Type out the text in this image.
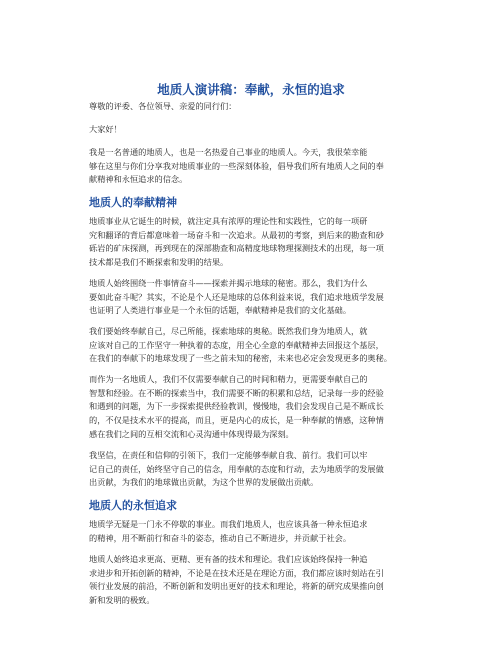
地质人演讲稿：奉献，永恒的追求
尊敬的评委、各位领导、亲爱的同行们：
大家好！
我是一名普通的地质人，也是一名热爱自己事业的地质人。今天，我很荣幸能
够在这里与你们分享我对地质事业的一些深刻体验，倡导我们所有地质人之间的奉
献精神和永恒追求的信念。
地质人的奉献精神
地质事业从它诞生的时候，就注定具有浓厚的理论性和实践性，它的每一项研
究和翻译的背后都意味着一场奋斗和一次追求。从最初的考察，到后来的勘查和砂
砾岩的矿床探测，再到现在的深部勘查和高精度地球物理探测技术的出现，每一项
技术都是我们不断探索和发明的结果。
地质人始终围绕一件事情奋斗——探索并揭示地球的秘密。那么，我们为什么
要如此奋斗呢？其实，不论是个人还是地球的总体利益来说，我们追求地质学发展
也证明了人类进行事业是一个永恒的话题，奉献精神是我们的文化基础。
我们要始终奉献自己，尽己所能，探索地球的奥秘。既然我们身为地质人，就
应该对自己的工作坚守一种执着的态度，用全心全意的奉献精神去回报这个基层，
在我们的奉献下的地球发现了一些之前未知的秘密，未来也必定会发现更多的奥秘。
而作为一名地质人，我们不仅需要奉献自己的时间和精力，更需要奉献自己的
智慧和经验。在不断的探索当中，我们需要不断的积累和总结，记录每一步的经验
和遇到的问题，为下一步探索提供经验教训，慢慢地，我们会发现自己是不断成长
的，不仅是技术水平的提高，而且，更是内心的成长，是一种奉献的情感，这种情
感在我们之间的互相交流和心灵沟通中体现得最为深刻。
我坚信，在责任和信仰的引领下，我们一定能够奉献自我、前行。我们可以牢
记自己的责任，始终坚守自己的信念，用奉献的态度和行动，去为地质学的发展做
出贡献，为我们的地球做出贡献，为这个世界的发展做出贡献。
地质人的永恒追求
地质学无疑是一门永不停歇的事业。而我们地质人，也应该具备一种永恒追求
的精神，用不断前行和奋斗的姿态，推动自己不断进步，并贡献于社会。
地质人始终追求更高、更精、更有备的技术和理论。我们应该始终保持一种追
求进步和开拓创新的精神，不论是在技术还是在理论方面，我们都应该时刻站在引
领行业发展的前沿，不断创新和发明出更好的技术和理论，将新的研究成果推向创
新和发明的极致。
